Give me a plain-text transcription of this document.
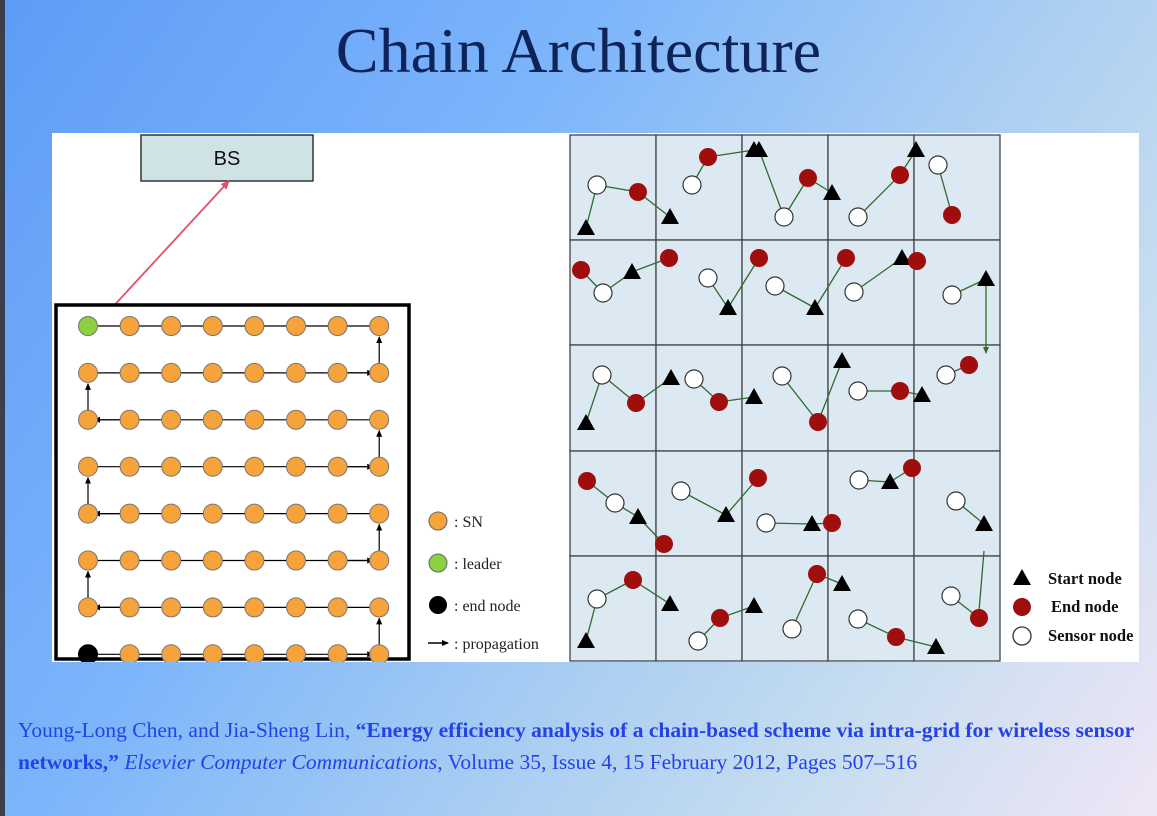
Chain Architecture
BS
: SN
: leader
: end node
: propagation
Start node
End node
Sensor node
Young-Long Chen, and Jia-Sheng Lin, “Energy efficiency analysis of a chain-based scheme via intra-grid for wireless sensor networks,” Elsevier Computer Communications, Volume 35, Issue 4, 15 February 2012, Pages 507–516
